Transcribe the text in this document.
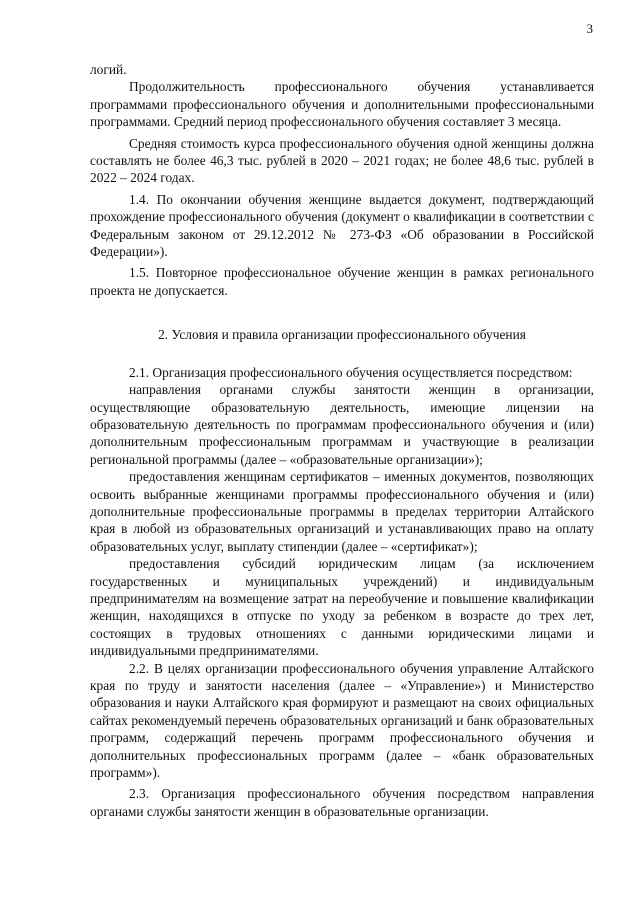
3

логий.

Продолжительность профессионального обучения устанавливается программами профессионального обучения и дополнительными профессиональными программами. Средний период профессионального обучения составляет 3 месяца.

Средняя стоимость курса профессионального обучения одной женщины должна составлять не более 46,3 тыс. рублей в 2020 – 2021 годах; не более 48,6 тыс. рублей в 2022 – 2024 годах.

1.4. По окончании обучения женщине выдается документ, подтверждающий прохождение профессионального обучения (документ о квалификации в соответствии с Федеральным законом от 29.12.2012 № 273-ФЗ «Об образовании в Российской Федерации»).

1.5. Повторное профессиональное обучение женщин в рамках регионального проекта не допускается.

2. Условия и правила организации профессионального обучения

2.1. Организация профессионального обучения осуществляется посредством:

направления органами службы занятости женщин в организации, осуществляющие образовательную деятельность, имеющие лицензии на образовательную деятельность по программам профессионального обучения и (или) дополнительным профессиональным программам и участвующие в реализации региональной программы (далее – «образовательные организации»);

предоставления женщинам сертификатов – именных документов, позволяющих освоить выбранные женщинами программы профессионального обучения и (или) дополнительные профессиональные программы в пределах территории Алтайского края в любой из образовательных организаций и устанавливающих право на оплату образовательных услуг, выплату стипендии (далее – «сертификат»);

предоставления субсидий юридическим лицам (за исключением государственных и муниципальных учреждений) и индивидуальным предпринимателям на возмещение затрат на переобучение и повышение квалификации женщин, находящихся в отпуске по уходу за ребенком в возрасте до трех лет, состоящих в трудовых отношениях с данными юридическими лицами и индивидуальными предпринимателями.

2.2. В целях организации профессионального обучения управление Алтайского края по труду и занятости населения (далее – «Управление») и Министерство образования и науки Алтайского края формируют и размещают на своих официальных сайтах рекомендуемый перечень образовательных организаций и банк образовательных программ, содержащий перечень программ профессионального обучения и дополнительных профессиональных программ (далее – «банк образовательных программ»).

2.3. Организация профессионального обучения посредством направления органами службы занятости женщин в образовательные организации.
